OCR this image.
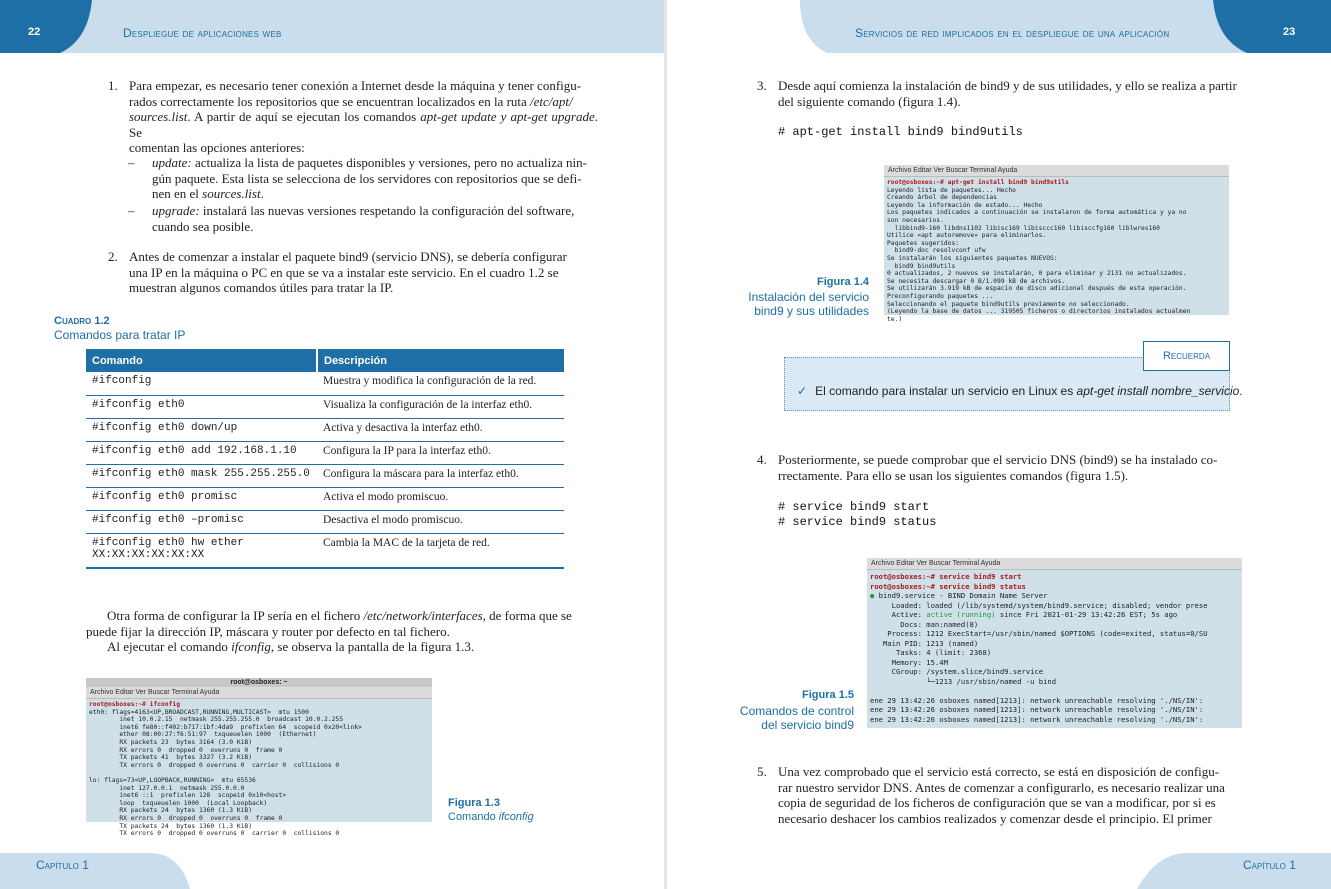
22	Despliegue de aplicaciones web
1. Para empezar, es necesario tener conexión a Internet desde la máquina y tener configu-
rados correctamente los repositorios que se encuentran localizados en la ruta /etc/apt/
sources.list. A partir de aquí se ejecutan los comandos apt-get update y apt-get upgrade. Se
comentan las opciones anteriores:
– update: actualiza la lista de paquetes disponibles y versiones, pero no actualiza nin-
gún paquete. Esta lista se selecciona de los servidores con repositorios que se defi-
nen en el sources.list.
– upgrade: instalará las nuevas versiones respetando la configuración del software,
cuando sea posible.
2. Antes de comenzar a instalar el paquete bind9 (servicio DNS), se debería configurar
una IP en la máquina o PC en que se va a instalar este servicio. En el cuadro 1.2 se
muestran algunos comandos útiles para tratar la IP.
Cuadro 1.2
Comandos para tratar IP
Comando	Descripción
#ifconfig	Muestra y modifica la configuración de la red.
#ifconfig eth0	Visualiza la configuración de la interfaz eth0.
#ifconfig eth0 down/up	Activa y desactiva la interfaz eth0.
#ifconfig eth0 add 192.168.1.10	Configura la IP para la interfaz eth0.
#ifconfig eth0 mask 255.255.255.0	Configura la máscara para la interfaz eth0.
#ifconfig eth0 promisc	Activa el modo promiscuo.
#ifconfig eth0 –promisc	Desactiva el modo promiscuo.

#ifconfig eth0 hw ether
XX:XX:XX:XX:XX:XX	Cambia la MAC de la tarjeta de red.
Otra forma de configurar la IP sería en el fichero /etc/network/interfaces, de forma que se
puede fijar la dirección IP, máscara y router por defecto en tal fichero.
Al ejecutar el comando ifconfig, se observa la pantalla de la figura 1.3.
root@osboxes: ~
Archivo Editar Ver Buscar Terminal Ayuda
root@osboxes:~# ifconfig
eth0: flags=4163<UP,BROADCAST,RUNNING,MULTICAST>  mtu 1500
inet 10.0.2.15  netmask 255.255.255.0  broadcast 10.0.2.255
inet6 fe80::f402:b717:1bf:4da9  prefixlen 64  scopeid 0x20<link>
ether 08:00:27:f6:51:97  txqueuelen 1000  (Ethernet)
RX packets 23  bytes 3164 (3.0 KiB)
RX errors 0  dropped 0  overruns 0  frame 0
TX packets 41  bytes 3327 (3.2 KiB)
TX errors 0  dropped 0 overruns 0  carrier 0  collisions 0

lo: flags=73<UP,LOOPBACK,RUNNING>  mtu 65536
inet 127.0.0.1  netmask 255.0.0.0
inet6 ::1  prefixlen 128  scopeid 0x10<host>
loop  txqueuelen 1000  (Local Loopback)
RX packets 24  bytes 1360 (1.3 KiB)
RX errors 0  dropped 0  overruns 0  frame 0
TX packets 24  bytes 1360 (1.3 KiB)
TX errors 0  dropped 0 overruns 0  carrier 0  collisions 0
Figura 1.3
Comando ifconfig
Capítulo 1
Servicios de red implicados en el despliegue de una aplicación	23
3. Desde aquí comienza la instalación de bind9 y de sus utilidades, y ello se realiza a partir
del siguiente comando (figura 1.4).
# apt-get install bind9 bind9utils
Archivo Editar Ver Buscar Terminal Ayuda
root@osboxes:~# apt-get install bind9 bind9utils
Leyendo lista de paquetes... Hecho
Creando árbol de dependencias
Leyendo la información de estado... Hecho
Los paquetes indicados a continuación se instalaron de forma automática y ya no
son necesarios.
libbind9-160 libdns1102 libisc169 libisccc160 libisccfg160 liblwres160
Utilice «apt autoremove» para eliminarlos.
Paquetes sugeridos:
bind9-doc resolvconf ufw
Se instalarán los siguientes paquetes NUEVOS:
bind9 bind9utils
0 actualizados, 2 nuevos se instalarán, 0 para eliminar y 2131 no actualizados.
Se necesita descargar 0 B/1.099 kB de archivos.
Se utilizarán 3.919 kB de espacio de disco adicional después de esta operación.
Preconfigurando paquetes ...
Seleccionando el paquete bind9utils previamente no seleccionado.
(Leyendo la base de datos ... 319505 ficheros o directorios instalados actualmen
te.)
Figura 1.4
Instalación del servicio
bind9 y sus utilidades
Recuerda
✓ El comando para instalar un servicio en Linux es apt-get install nombre_servicio.
4. Posteriormente, se puede comprobar que el servicio DNS (bind9) se ha instalado co-
rrectamente. Para ello se usan los siguientes comandos (figura 1.5).
# service bind9 start
# service bind9 status
Archivo Editar Ver Buscar Terminal Ayuda
root@osboxes:~# service bind9 start
root@osboxes:~# service bind9 status
● bind9.service - BIND Domain Name Server
Loaded: loaded (/lib/systemd/system/bind9.service; disabled; vendor prese
Active: active (running) since Fri 2021-01-29 13:42:26 EST; 5s ago
Docs: man:named(8)
Process: 1212 ExecStart=/usr/sbin/named $OPTIONS (code=exited, status=0/SU
Main PID: 1213 (named)
Tasks: 4 (limit: 2368)
Memory: 15.4M
CGroup: /system.slice/bind9.service
└─1213 /usr/sbin/named -u bind

ene 29 13:42:26 osboxes named[1213]: network unreachable resolving './NS/IN':
ene 29 13:42:26 osboxes named[1213]: network unreachable resolving './NS/IN':
ene 29 13:42:26 osboxes named[1213]: network unreachable resolving './NS/IN':
Figura 1.5
Comandos de control
del servicio bind9
5. Una vez comprobado que el servicio está correcto, se está en disposición de configu-
rar nuestro servidor DNS. Antes de comenzar a configurarlo, es necesario realizar una
copia de seguridad de los ficheros de configuración que se van a modificar, por si es
necesario deshacer los cambios realizados y comenzar desde el principio. El primer
Capítulo 1
